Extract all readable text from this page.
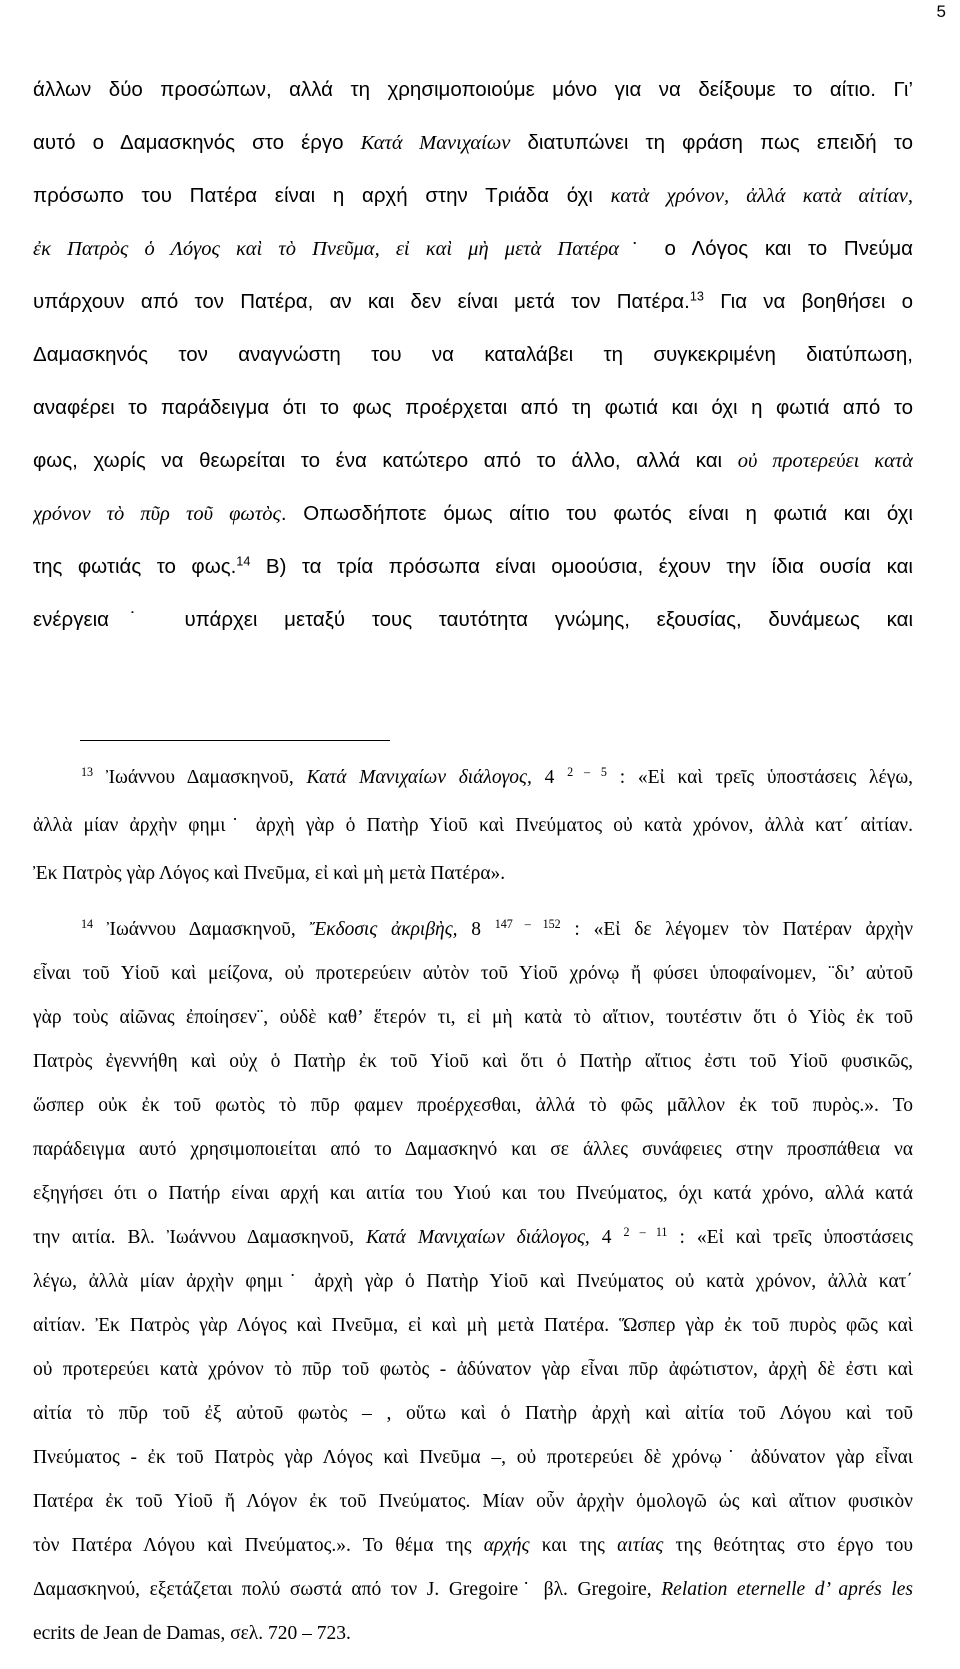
5
άλλων δύο προσώπων, αλλά τη χρησιμοποιούμε μόνο για να δείξουμε το αίτιο. Γι’
αυτό ο Δαμασκηνός στο έργο Κατά Μανιχαίων διατυπώνει τη φράση πως επειδή το
πρόσωπο του Πατέρα είναι η αρχή στην Τριάδα όχι κατὰ χρόνον, ἀλλά κατὰ αἰτίαν,
ἐκ Πατρὸς ὁ Λόγος καὶ τὸ Πνεῦμα, εἰ καὶ μὴ μετὰ Πατέρα˙ ο Λόγος και το Πνεύμα
υπάρχουν από τον Πατέρα, αν και δεν είναι μετά τον Πατέρα.$^{13}$ Για να βοηθήσει ο
Δαμασκηνός τον αναγνώστη του να καταλάβει τη συγκεκριμένη διατύπωση,
αναφέρει το παράδειγμα ότι το φως προέρχεται από τη φωτιά και όχι η φωτιά από το
φως, χωρίς να θεωρείται το ένα κατώτερο από το άλλο, αλλά και οὐ προτερεύει κατὰ
χρόνον τὸ πῦρ τοῦ φωτὸς. Οπωσδήποτε όμως αίτιο του φωτός είναι η φωτιά και όχι
της φωτιάς το φως.$^{14}$ Β) τα τρία πρόσωπα είναι ομοούσια, έχουν την ίδια ουσία και
ενέργεια˙ υπάρχει μεταξύ τους ταυτότητα γνώμης, εξουσίας, δυνάμεως και
$^{13}$ Ἰωάννου Δαμασκηνοῦ, Κατά Μανιχαίων διάλογος, 4 $^{2 - 5}$ : «Εἰ καὶ τρεῖς ὑποστάσεις λέγω,
ἀλλὰ μίαν ἀρχὴν φημι˙ ἀρχὴ γὰρ ὁ Πατὴρ Υἱοῦ καὶ Πνεύματος οὐ κατὰ χρόνον, ἀλλὰ κατ΄ αἰτίαν.
Ἐκ Πατρὸς γὰρ Λόγος καὶ Πνεῦμα, εἰ καὶ μὴ μετὰ Πατέρα».
$^{14}$ Ἰωάννου Δαμασκηνοῦ, Ἔκδοσις ἀκριβὴς, 8 $^{147 - 152}$ : «Εἰ δε λέγομεν τὸν Πατέραν ἀρχὴν
εἶναι τοῦ Υἱοῦ καὶ μείζονα, οὐ προτερεύειν αὐτὸν τοῦ Υἱοῦ χρόνῳ ἤ φύσει ὑποφαίνομεν, ¨δι’ αὐτοῦ
γὰρ τοὺς αἰῶνας ἐποίησεν¨, οὐδὲ καθ’ ἕτερόν τι, εἰ μὴ κατὰ τὸ αἴτιον, τουτέστιν ὅτι ὁ Υἱὸς ἐκ τοῦ
Πατρὸς ἐγεννήθη καὶ οὐχ ὁ Πατὴρ ἐκ τοῦ Υἱοῦ καὶ ὅτι ὁ Πατὴρ αἴτιος ἐστι τοῦ Υἱοῦ φυσικῶς,
ὥσπερ οὐκ ἐκ τοῦ φωτὸς τὸ πῦρ φαμεν προέρχεσθαι, ἀλλά τὸ φῶς μᾶλλον ἐκ τοῦ πυρὸς.». Το
παράδειγμα αυτό χρησιμοποιείται από το Δαμασκηνό και σε άλλες συνάφειες στην προσπάθεια να
εξηγήσει ότι ο Πατήρ είναι αρχή και αιτία του Υιού και του Πνεύματος, όχι κατά χρόνο, αλλά κατά
την αιτία. Βλ. Ἰωάννου Δαμασκηνοῦ, Κατά Μανιχαίων διάλογος, 4 $^{2 - 11}$ : «Εἰ καὶ τρεῖς ὑποστάσεις
λέγω, ἀλλὰ μίαν ἀρχὴν φημι˙ ἀρχὴ γὰρ ὁ Πατὴρ Υἱοῦ καὶ Πνεύματος οὐ κατὰ χρόνον, ἀλλὰ κατ΄
αἰτίαν. Ἐκ Πατρὸς γὰρ Λόγος καὶ Πνεῦμα, εἰ καὶ μὴ μετὰ Πατέρα. Ὥσπερ γὰρ ἐκ τοῦ πυρὸς φῶς καὶ
οὐ προτερεύει κατὰ χρόνον τὸ πῦρ τοῦ φωτὸς - ἀδύνατον γὰρ εἶναι πῦρ ἀφώτιστον, ἀρχὴ δὲ ἐστι καὶ
αἰτία τὸ πῦρ τοῦ ἐξ αὐτοῦ φωτὸς – , οὕτω καὶ ὁ Πατὴρ ἀρχὴ καὶ αἰτία τοῦ Λόγου καὶ τοῦ
Πνεύματος - ἐκ τοῦ Πατρὸς γὰρ Λόγος καὶ Πνεῦμα –, οὐ προτερεύει δὲ χρόνῳ˙ ἀδύνατον γὰρ εἶναι
Πατέρα ἐκ τοῦ Υἱοῦ ἤ Λόγον ἐκ τοῦ Πνεύματος. Μίαν οὖν ἀρχὴν ὁμολογῶ ὡς καὶ αἴτιον φυσικὸν
τὸν Πατέρα Λόγου καὶ Πνεύματος.». Το θέμα της αρχής και της αιτίας της θεότητας στο έργο του
Δαμασκηνού, εξετάζεται πολύ σωστά από τον J. Gregoire˙ βλ. Gregoire, Relation eternelle d’ aprés les
ecrits de Jean de Damas, σελ. 720 – 723.
